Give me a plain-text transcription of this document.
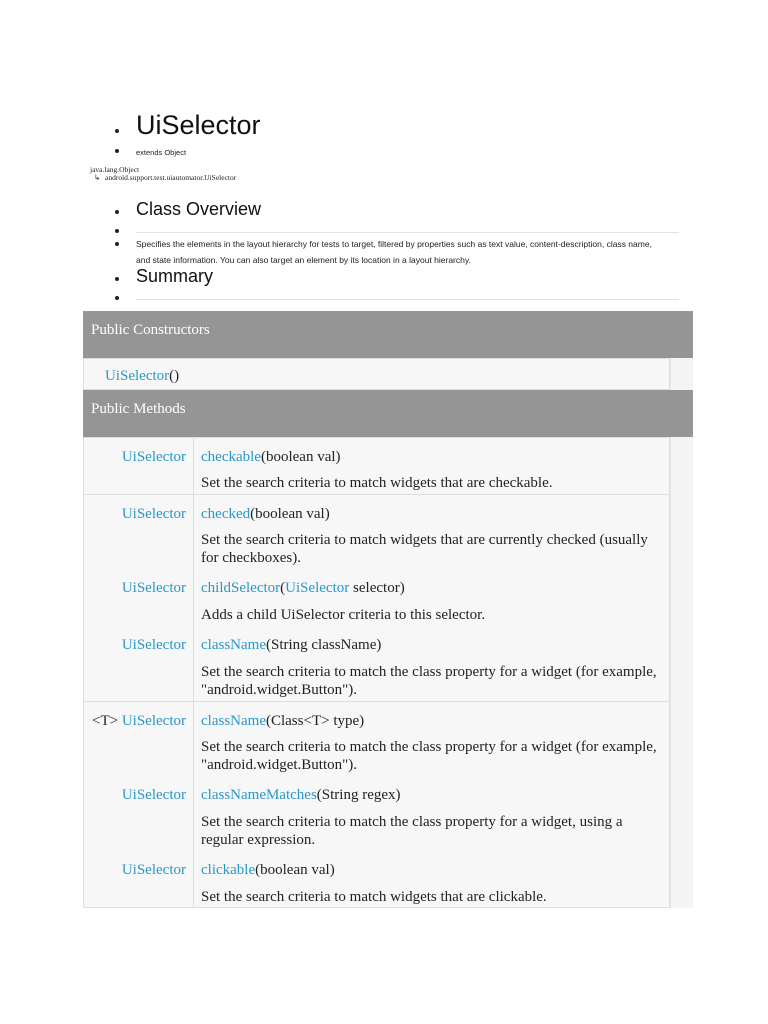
UiSelector
extends Object
java.lang.Object
↳ android.support.test.uiautomator.UiSelector
Class Overview
Specifies the elements in the layout hierarchy for tests to target, filtered by properties such as text value, content-description, class name,
and state information. You can also target an element by its location in a layout hierarchy.
Summary
Public Constructors
UiSelector()
Public Methods
UiSelector checkable(boolean val)
Set the search criteria to match widgets that are checkable.
UiSelector checked(boolean val)
Set the search criteria to match widgets that are currently checked (usually for checkboxes).
UiSelector childSelector(UiSelector selector)
Adds a child UiSelector criteria to this selector.
UiSelector className(String className)
Set the search criteria to match the class property for a widget (for example, "android.widget.Button").
<T> UiSelector className(Class<T> type)
Set the search criteria to match the class property for a widget (for example, "android.widget.Button").
UiSelector classNameMatches(String regex)
Set the search criteria to match the class property for a widget, using a regular expression.
UiSelector clickable(boolean val)
Set the search criteria to match widgets that are clickable.
